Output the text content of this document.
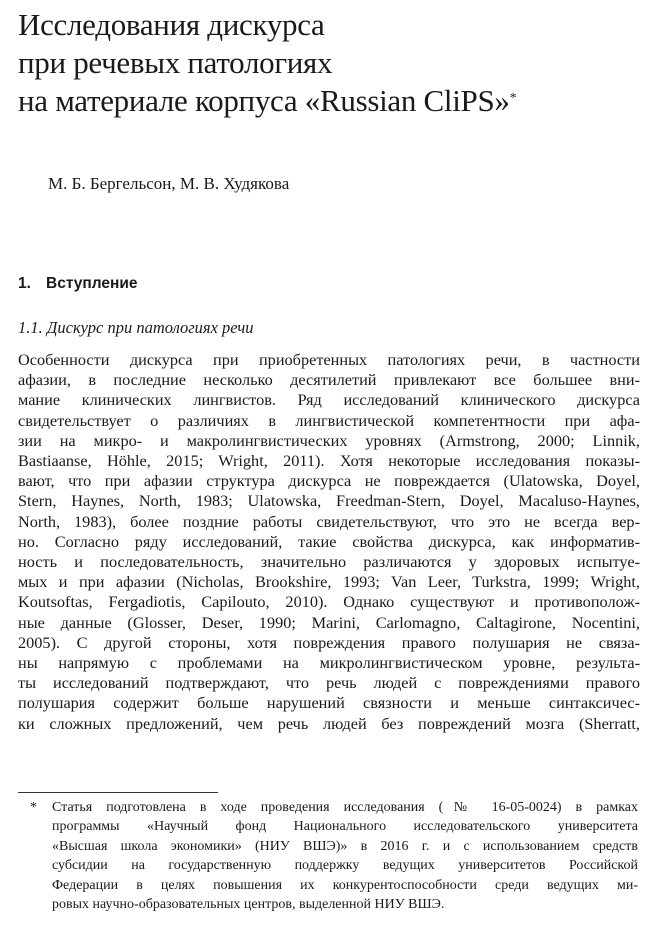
Исследования дискурса
при речевых патологиях
на материале корпуса «Russian CliPS»*
М. Б. Бергельсон, М. В. Худякова
1. Вступление
1.1. Дискурс при патологиях речи
Особенности дискурса при приобретенных патологиях речи, в частности
афазии, в последние несколько десятилетий привлекают все большее вни-
мание клинических лингвистов. Ряд исследований клинического дискурса
свидетельствует о различиях в лингвистической компетентности при афа-
зии на микро- и макролингвистических уровнях (Armstrong, 2000; Linnik,
Bastiaanse, Höhle, 2015; Wright, 2011). Хотя некоторые исследования показы-
вают, что при афазии структура дискурса не повреждается (Ulatowska, Doyel,
Stern, Haynes, North, 1983; Ulatowska, Freedman-Stern, Doyel, Macaluso-Haynes,
North, 1983), более поздние работы свидетельствуют, что это не всегда вер-
но. Согласно ряду исследований, такие свойства дискурса, как информатив-
ность и последовательность, значительно различаются у здоровых испытуе-
мых и при афазии (Nicholas, Brookshire, 1993; Van Leer, Turkstra, 1999; Wright,
Koutsoftas, Fergadiotis, Capilouto, 2010). Однако существуют и противополож-
ные данные (Glosser, Deser, 1990; Marini, Carlomagno, Caltagirone, Nocentini,
2005). С другой стороны, хотя повреждения правого полушария не связа-
ны напрямую с проблемами на микролингвистическом уровне, результа-
ты исследований подтверждают, что речь людей с повреждениями правого
полушария содержит больше нарушений связности и меньше синтаксичес-
ки сложных предложений, чем речь людей без повреждений мозга (Sherratt,
* Статья подготовлена в ходе проведения исследования (№ 16-05-0024) в рамках
программы «Научный фонд Национального исследовательского университета
«Высшая школа экономики» (НИУ ВШЭ)» в 2016 г. и с использованием средств
субсидии на государственную поддержку ведущих университетов Российской
Федерации в целях повышения их конкурентоспособности среди ведущих ми-
ровых научно-образовательных центров, выделенной НИУ ВШЭ.
